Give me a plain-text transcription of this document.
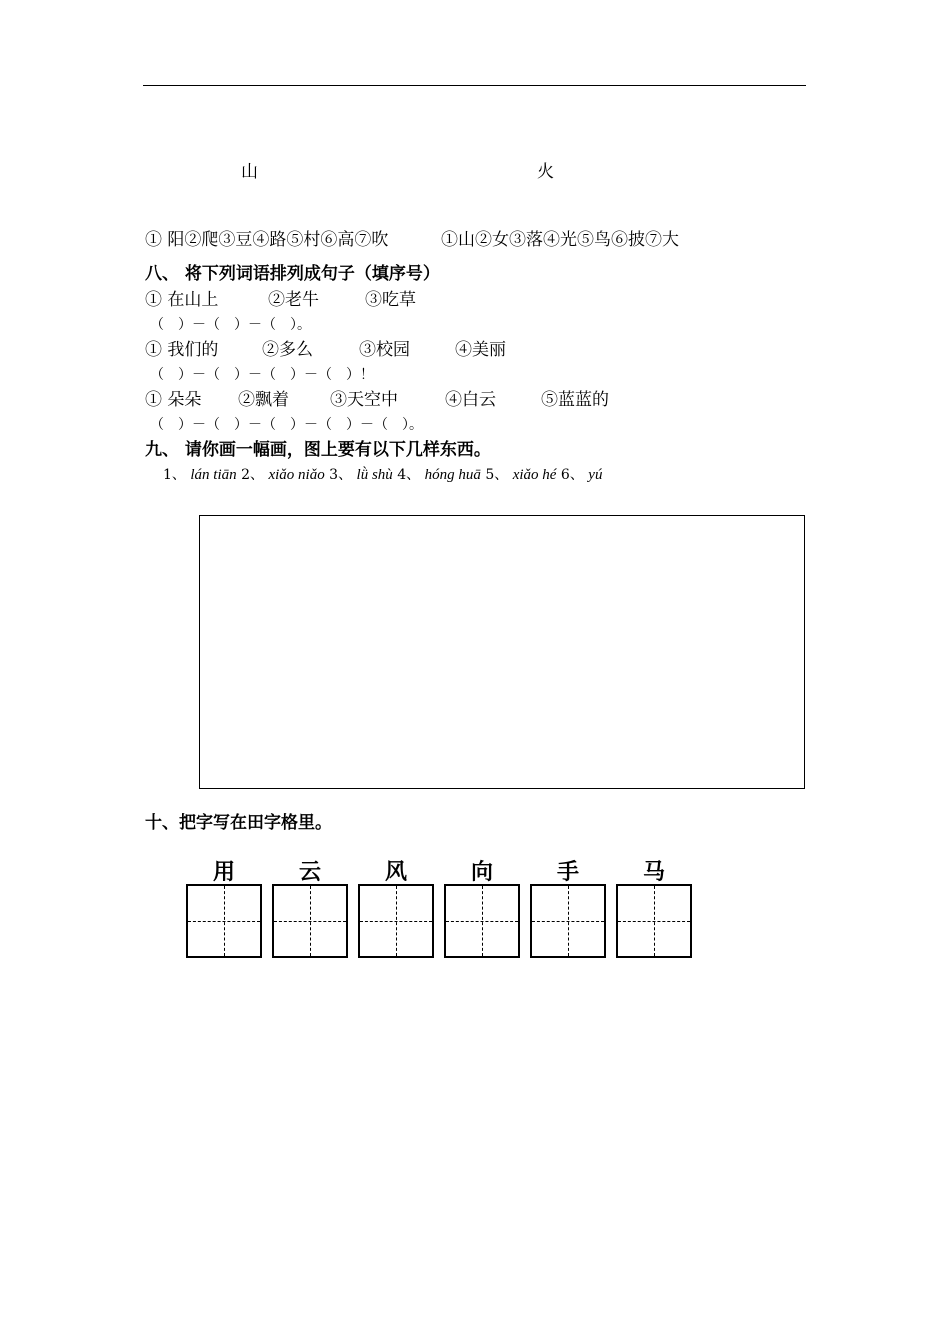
山	火
① 阳②爬③豆④路⑤村⑥高⑦吹	①山②女③落④光⑤鸟⑥披⑦大
八、 将下列词语排列成句子（填序号）
① 在山上	②老牛	③吃草
（　）－（　）－（　）。
① 我们的	②多么	③校园	④美丽
（　）－（　）－（　）－（　）！
① 朵朵 ②飘着 ③天空中	④白云	⑤蓝蓝的
（　）－（　）－（　）－（　）－（　）。
九、 请你画一幅画，图上要有以下几样东西。
1、 lán tiān 2、 xiǎo niǎo 3、 lǜ shù 4、 hóng huā 5、 xiǎo hé 6、 yú
十、把字写在田字格里。
用	云	风	向	手	马
